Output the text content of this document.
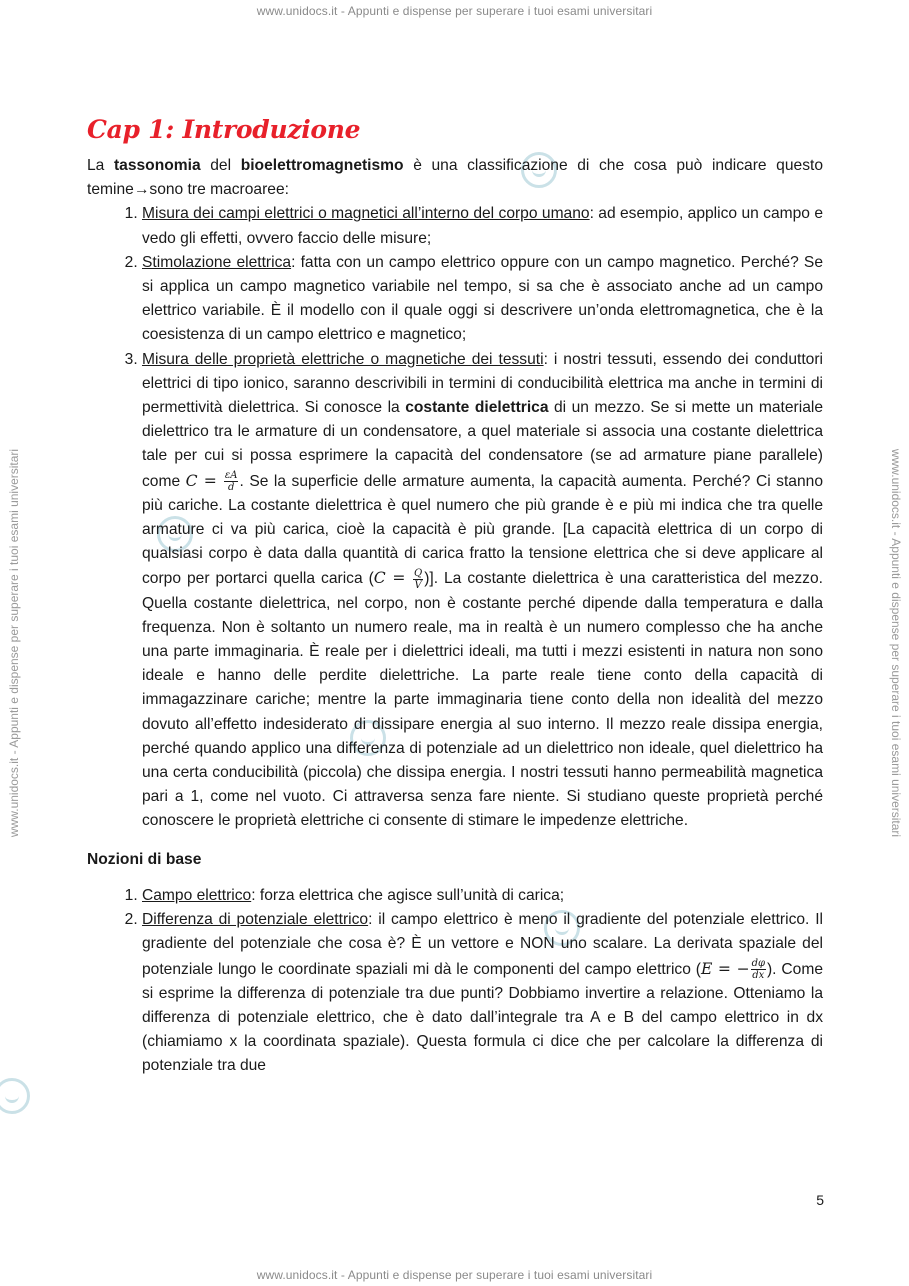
www.unidocs.it - Appunti e dispense per superare i tuoi esami universitari
www.unidocs.it - Appunti e dispense per superare i tuoi esami universitari
www.unidocs.it - Appunti e dispense per superare i tuoi esami universitari	www.unidocs.it - Appunti e dispense per superare i tuoi esami universitari
Cap 1: Introduzione

La tassonomia del bioelettromagnetismo è una classificazione di che cosa può indicare questo temine→sono tre macroaree:

1. Misura dei campi elettrici o magnetici all’interno del corpo umano: ad esempio, applico un campo e vedo gli effetti, ovvero faccio delle misure;
2. Stimolazione elettrica: fatta con un campo elettrico oppure con un campo magnetico. Perché? Se si applica un campo magnetico variabile nel tempo, si sa che è associato anche ad un campo elettrico variabile. È il modello con il quale oggi si descrivere un’onda elettromagnetica, che è la coesistenza di un campo elettrico e magnetico;
3. Misura delle proprietà elettriche o magnetiche dei tessuti: i nostri tessuti, essendo dei conduttori elettrici di tipo ionico, saranno descrivibili in termini di conducibilità elettrica ma anche in termini di permettività dielettrica. Si conosce la costante dielettrica di un mezzo. Se si mette un materiale dielettrico tra le armature di un condensatore, a quel materiale si associa una costante dielettrica tale per cui si possa esprimere la capacità del condensatore (se ad armature piane parallele) come $C = \frac{\varepsilon A}{d}$ . Se la superficie delle armature aumenta, la capacità aumenta. Perché? Ci stanno più cariche. La costante dielettrica è quel numero che più grande è e più mi indica che tra quelle armature ci va più carica, cioè la capacità è più grande. [La capacità elettrica di un corpo di qualsiasi corpo è data dalla quantità di carica fratto la tensione elettrica che si deve applicare al corpo per portarci quella carica ($C = \frac{Q}{V}$ )]. La costante dielettrica è una caratteristica del mezzo. Quella costante dielettrica, nel corpo, non è costante perché dipende dalla temperatura e dalla frequenza. Non è soltanto un numero reale, ma in realtà è un numero complesso che ha anche una parte immaginaria. È reale per i dielettrici ideali, ma tutti i mezzi esistenti in natura non sono ideale e hanno delle perdite dielettriche. La parte reale tiene conto della capacità di immagazzinare cariche; mentre la parte immaginaria tiene conto della non idealità del mezzo dovuto all’effetto indesiderato di dissipare energia al suo interno. Il mezzo reale dissipa energia, perché quando applico una differenza di potenziale ad un dielettrico non ideale, quel dielettrico ha una certa conducibilità (piccola) che dissipa energia. I nostri tessuti hanno permeabilità magnetica pari a 1, come nel vuoto. Ci attraversa senza fare niente. Si studiano queste proprietà perché conoscere le proprietà elettriche ci consente di stimare le impedenze elettriche.
Nozioni di base
1. Campo elettrico: forza elettrica che agisce sull’unità di carica;
2. Differenza di potenziale elettrico: il campo elettrico è meno il gradiente del potenziale elettrico. Il gradiente del potenziale che cosa è? È un vettore e NON uno scalare. La derivata spaziale del potenziale lungo le coordinate spaziali mi dà le componenti del campo elettrico (E = − $\frac{d\varphi}{dx}$ ). Come si esprime la differenza di potenziale tra due punti? Dobbiamo invertire a relazione. Otteniamo la differenza di potenziale elettrico, che è dato dall’integrale tra A e B del campo elettrico in dx (chiamiamo x la coordinata spaziale). Questa formula ci dice che per calcolare la differenza di potenziale tra due
5
